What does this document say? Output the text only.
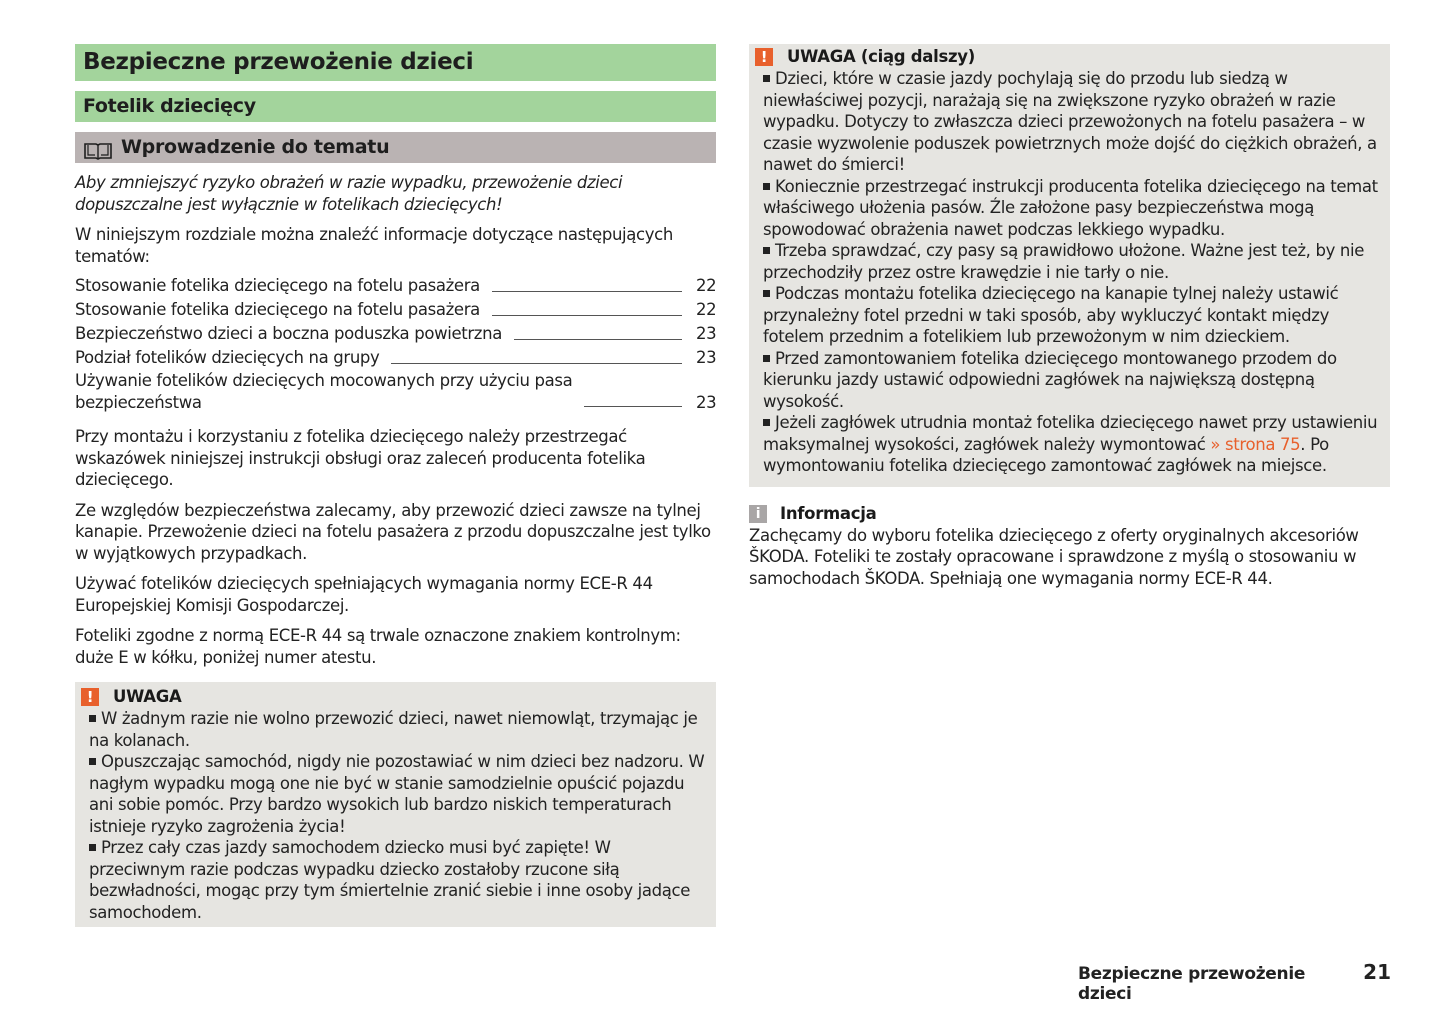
Bezpieczne przewożenie dzieci
Fotelik dziecięcy
Wprowadzenie do tematu

Aby zmniejszyć ryzyko obrażeń w razie wypadku, przewożenie dzieci dopuszczalne jest wyłącznie w fotelikach dziecięcych!

W niniejszym rozdziale można znaleźć informacje dotyczące następujących tematów:

Stosowanie fotelika dziecięcego na fotelu pasażera	22
Stosowanie fotelika dziecięcego na fotelu pasażera	22
Bezpieczeństwo dzieci a boczna poduszka powietrzna	23
Podział fotelików dziecięcych na grupy	23
Używanie fotelików dziecięcych mocowanych przy użyciu pasa
bezpieczeństwa	23

Przy montażu i korzystaniu z fotelika dziecięcego należy przestrzegać wskazówek niniejszej instrukcji obsługi oraz zaleceń producenta fotelika dziecięcego.

Ze względów bezpieczeństwa zalecamy, aby przewozić dzieci zawsze na tylnej kanapie. Przewożenie dzieci na fotelu pasażera z przodu dopuszczalne jest tylko w wyjątkowych przypadkach.

Używać fotelików dziecięcych spełniających wymagania normy ECE-R 44 Europejskiej Komisji Gospodarczej.

Foteliki zgodne z normą ECE-R 44 są trwale oznaczone znakiem kontrolnym: duże E w kółku, poniżej numer atestu.

!	UWAGA

W żadnym razie nie wolno przewozić dzieci, nawet niemowląt, trzymając je na kolanach.

Opuszczając samochód, nigdy nie pozostawiać w nim dzieci bez nadzoru. W nagłym wypadku mogą one nie być w stanie samodzielnie opuścić pojazdu ani sobie pomóc. Przy bardzo wysokich lub bardzo niskich temperaturach istnieje ryzyko zagrożenia życia!

Przez cały czas jazdy samochodem dziecko musi być zapięte! W przeciwnym razie podczas wypadku dziecko zostałoby rzucone siłą bezwładności, mogąc przy tym śmiertelnie zranić siebie i inne osoby jadące samochodem.

!	UWAGA (ciąg dalszy)

Dzieci, które w czasie jazdy pochylają się do przodu lub siedzą w niewłaściwej pozycji, narażają się na zwiększone ryzyko obrażeń w razie wypadku. Dotyczy to zwłaszcza dzieci przewożonych na fotelu pasażera – w czasie wyzwolenie poduszek powietrznych może dojść do ciężkich obrażeń, a nawet do śmierci!

Koniecznie przestrzegać instrukcji producenta fotelika dziecięcego na temat właściwego ułożenia pasów. Źle założone pasy bezpieczeństwa mogą spowodować obrażenia nawet podczas lekkiego wypadku.

Trzeba sprawdzać, czy pasy są prawidłowo ułożone. Ważne jest też, by nie przechodziły przez ostre krawędzie i nie tarły o nie.

Podczas montażu fotelika dziecięcego na kanapie tylnej należy ustawić przynależny fotel przedni w taki sposób, aby wykluczyć kontakt między fotelem przednim a fotelikiem lub przewożonym w nim dzieckiem.

Przed zamontowaniem fotelika dziecięcego montowanego przodem do kierunku jazdy ustawić odpowiedni zagłówek na największą dostępną wysokość.

Jeżeli zagłówek utrudnia montaż fotelika dziecięcego nawet przy ustawieniu maksymalnej wysokości, zagłówek należy wymontować » strona 75. Po wymontowaniu fotelika dziecięcego zamontować zagłówek na miejsce.

i	Informacja

Zachęcamy do wyboru fotelika dziecięcego z oferty oryginalnych akcesoriów ŠKODA. Foteliki te zostały opracowane i sprawdzone z myślą o stosowaniu w samochodach ŠKODA. Spełniają one wymagania normy ECE-R 44.

Bezpieczne przewożenie dzieci
21
